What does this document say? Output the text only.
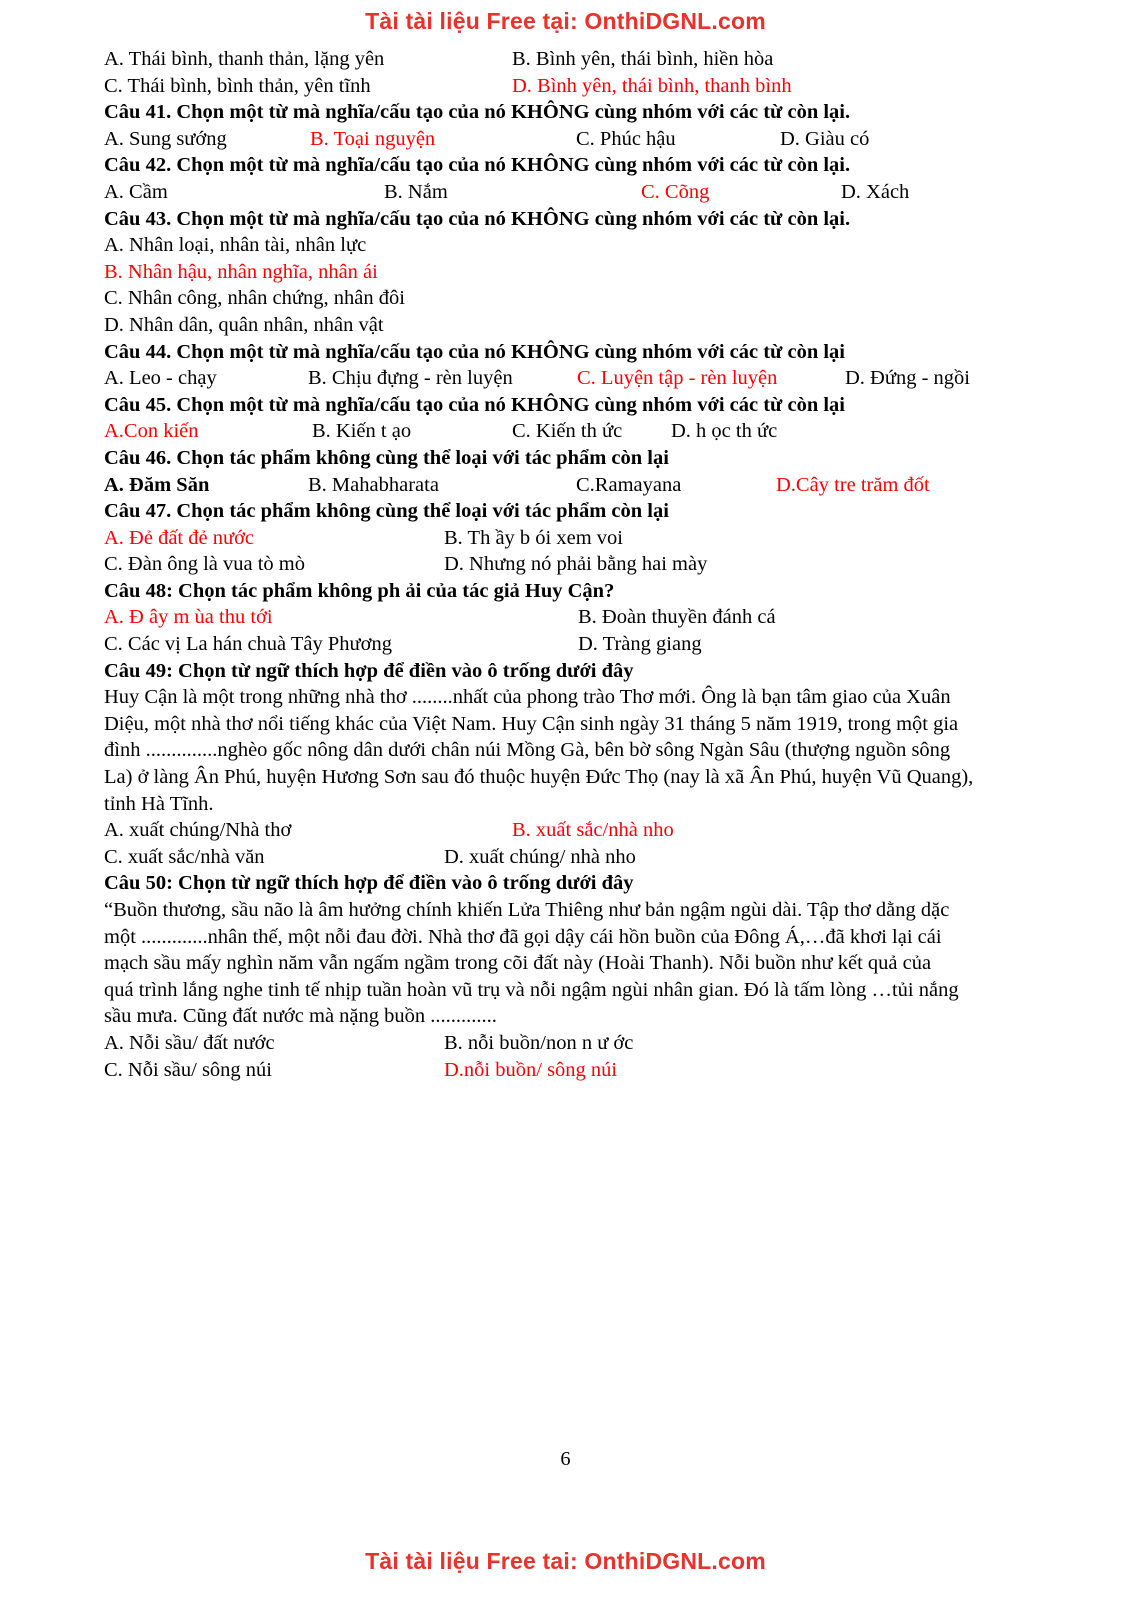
Tài tài liệu Free tại: OnthiDGNL.com
A. Thái bình, thanh thản, lặng yên	B. Bình yên, thái bình, hiền hòa
C. Thái bình, bình thản, yên tĩnh	D. Bình yên, thái bình, thanh bình
Câu 41. Chọn một từ mà nghĩa/cấu tạo của nó KHÔNG cùng nhóm với các từ còn lại.
A. Sung sướng	B. Toại nguyện	C. Phúc hậu	D. Giàu có
Câu 42. Chọn một từ mà nghĩa/cấu tạo của nó KHÔNG cùng nhóm với các từ còn lại.
A. Cầm	B. Nắm	C. Cõng	D. Xách
Câu 43. Chọn một từ mà nghĩa/cấu tạo của nó KHÔNG cùng nhóm với các từ còn lại.
A. Nhân loại, nhân tài, nhân lực
B. Nhân hậu, nhân nghĩa, nhân ái
C. Nhân công, nhân chứng, nhân đôi
D. Nhân dân, quân nhân, nhân vật
Câu 44. Chọn một từ mà nghĩa/cấu tạo của nó KHÔNG cùng nhóm với các từ còn lại
A. Leo - chạy	B. Chịu đựng - rèn luyện	C. Luyện tập - rèn luyện	D. Đứng - ngồi
Câu 45. Chọn một từ mà nghĩa/cấu tạo của nó KHÔNG cùng nhóm với các từ còn lại
A.Con kiến	B. Kiến t ạo	C. Kiến th ức D. h ọc th ức
Câu 46. Chọn tác phẩm không cùng thể loại với tác phẩm còn lại
A. Đăm Săn	B. Mahabharata	C.Ramayana	D.Cây tre trăm đốt
Câu 47. Chọn tác phẩm không cùng thể loại với tác phẩm còn lại
A. Đẻ đất đẻ nước	B. Th ầy b ói xem voi
C. Đàn ông là vua tò mò	D. Nhưng nó phải bằng hai mày
Câu 48: Chọn tác phẩm không ph ải của tác giả Huy Cận?
A. Đ ây m ùa thu tới	B. Đoàn thuyền đánh cá
C. Các vị La hán chuà Tây Phương	D. Tràng giang
Câu 49: Chọn từ ngữ thích hợp để điền vào ô trống dưới đây
Huy Cận là một trong những nhà thơ ........nhất của phong trào Thơ mới. Ông là bạn tâm giao của Xuân
Diệu, một nhà thơ nổi tiếng khác của Việt Nam. Huy Cận sinh ngày 31 tháng 5 năm 1919, trong một gia
đình ..............nghèo gốc nông dân dưới chân núi Mồng Gà, bên bờ sông Ngàn Sâu (thượng nguồn sông
La) ở làng Ân Phú, huyện Hương Sơn sau đó thuộc huyện Đức Thọ (nay là xã Ân Phú, huyện Vũ Quang),
tỉnh Hà Tĩnh.
A. xuất chúng/Nhà thơ	B. xuất sắc/nhà nho
C. xuất sắc/nhà văn	D. xuất chúng/ nhà nho
Câu 50: Chọn từ ngữ thích hợp để điền vào ô trống dưới đây
“Buồn thương, sầu não là âm hưởng chính khiến Lửa Thiêng như bản ngậm ngùi dài. Tập thơ dằng dặc
một .............nhân thế, một nỗi đau đời. Nhà thơ đã gọi dậy cái hồn buồn của Đông Á,…đã khơi lại cái
mạch sầu mấy nghìn năm vẫn ngấm ngầm trong cõi đất này (Hoài Thanh). Nỗi buồn như kết quả của
quá trình lắng nghe tinh tế nhịp tuần hoàn vũ trụ và nỗi ngậm ngùi nhân gian. Đó là tấm lòng …tủi nắng
sầu mưa. Cũng đất nước mà nặng buồn .............
A. Nỗi sầu/ đất nước	B. nỗi buồn/non n ư ớc
C. Nỗi sầu/ sông núi	D.nỗi buồn/ sông núi
6
Tài tài liệu Free tai: OnthiDGNL.com
